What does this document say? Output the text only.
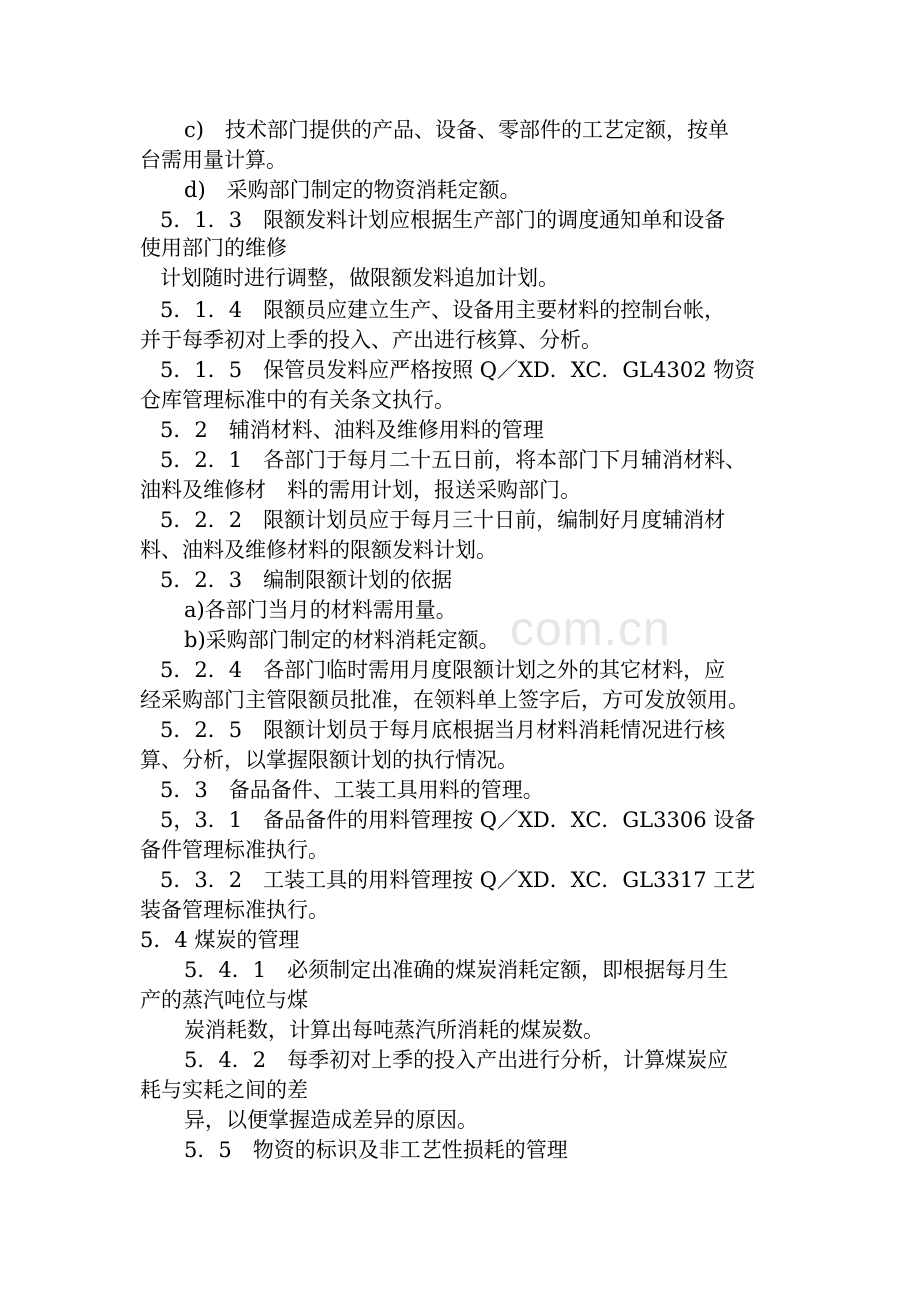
com.cn
c)　技术部门提供的产品、设备、零部件的工艺定额，按单
台需用量计算。
d)　采购部门制定的物资消耗定额。
5．1．3　限额发料计划应根据生产部门的调度通知单和设备
使用部门的维修
计划随时进行调整，做限额发料追加计划。
5．1．4　限额员应建立生产、设备用主要材料的控制台帐，
并于每季初对上季的投入、产出进行核算、分析。
5．1．5　保管员发料应严格按照 Q／XD．XC．GL4302 物资
仓库管理标准中的有关条文执行。
5．2　辅消材料、油料及维修用料的管理
5．2．1　各部门于每月二十五日前，将本部门下月辅消材料、
油料及维修材　料的需用计划，报送采购部门。
5．2．2　限额计划员应于每月三十日前，编制好月度辅消材
料、油料及维修材料的限额发料计划。
5．2．3　编制限额计划的依据
a)各部门当月的材料需用量。
b)采购部门制定的材料消耗定额。
5．2．4　各部门临时需用月度限额计划之外的其它材料，应
经采购部门主管限额员批准，在领料单上签字后，方可发放领用。
5．2．5　限额计划员于每月底根据当月材料消耗情况进行核
算、分析，以掌握限额计划的执行情况。
5．3　备品备件、工装工具用料的管理。
5，3．1　备品备件的用料管理按 Q／XD．XC．GL3306 设备
备件管理标准执行。
5．3．2　工装工具的用料管理按 Q／XD．XC．GL3317 工艺
装备管理标准执行。
5．4 煤炭的管理
5．4．1　必须制定出准确的煤炭消耗定额，即根据每月生
产的蒸汽吨位与煤
炭消耗数，计算出每吨蒸汽所消耗的煤炭数。
5．4．2　每季初对上季的投入产出进行分析，计算煤炭应
耗与实耗之间的差
异，以便掌握造成差异的原因。
5．5　物资的标识及非工艺性损耗的管理
